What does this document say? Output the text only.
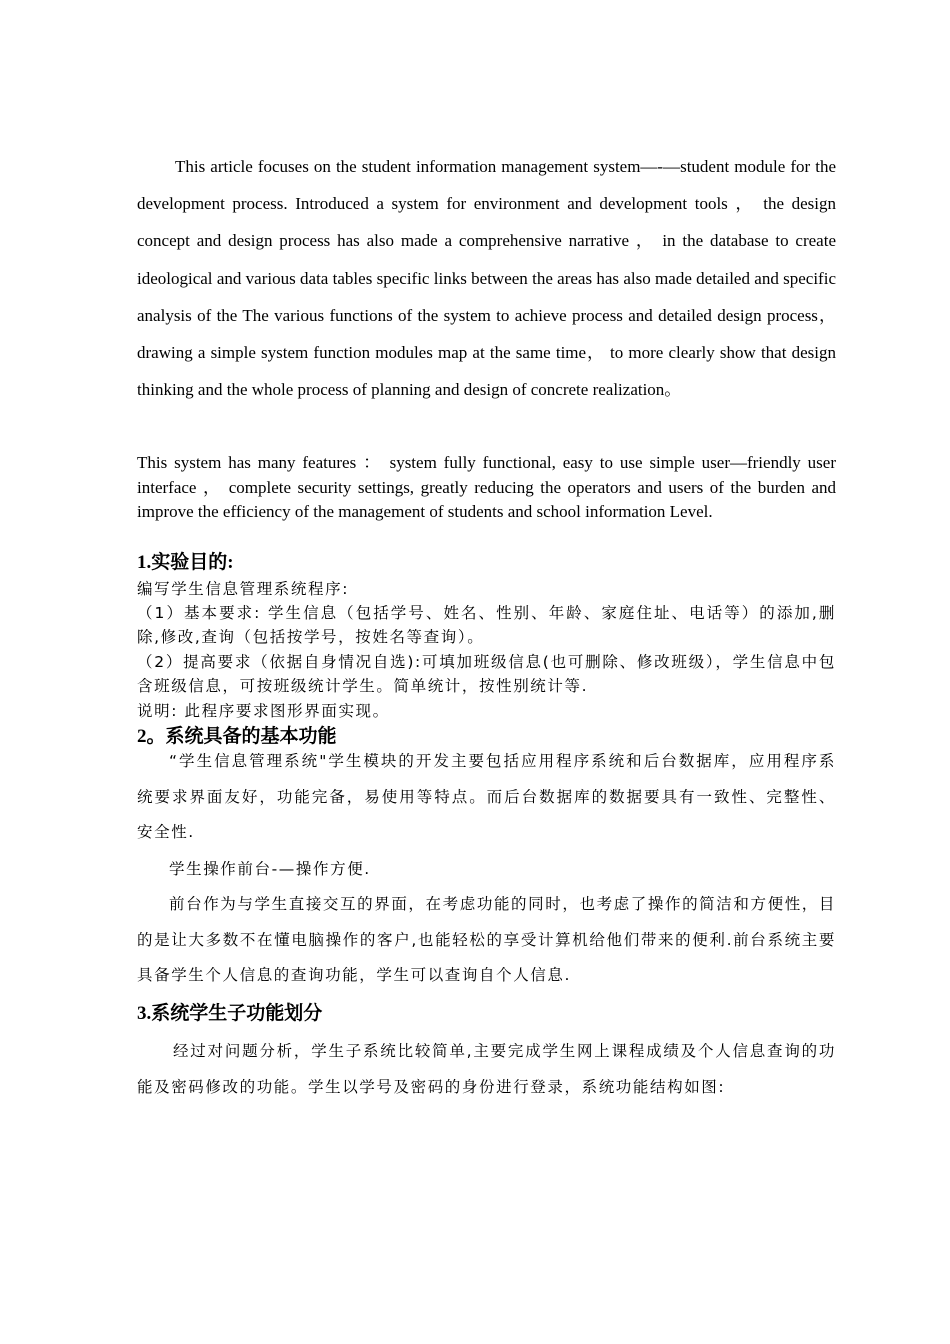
This article focuses on the student information management system—-—student module for the development process. Introduced a system for environment and development tools ， the design concept and design process has also made a comprehensive narrative ， in the database to create ideological and various data tables specific links between the areas has also made detailed and specific analysis of the The various functions of the system to achieve process and detailed design process， drawing a simple system function modules map at the same time， to more clearly show that design thinking and the whole process of planning and design of concrete realization。

This system has many features ： system fully functional, easy to use simple user—friendly user interface ， complete security settings, greatly reducing the operators and users of the burden and improve the efficiency of the management of students and school information Level.

1.实验目的:

编写学生信息管理系统程序:

（1）基本要求: 学生信息（包括学号、姓名、性别、年龄、家庭住址、电话等）的添加,删除,修改,查询（包括按学号，按姓名等查询）。

（2）提高要求（依据自身情况自选):可填加班级信息(也可删除、修改班级），学生信息中包含班级信息，可按班级统计学生。简单统计，按性别统计等.

说明: 此程序要求图形界面实现。

2。系统具备的基本功能

“学生信息管理系统"学生模块的开发主要包括应用程序系统和后台数据库，应用程序系统要求界面友好，功能完备，易使用等特点。而后台数据库的数据要具有一致性、完整性、安全性.

学生操作前台-—操作方便.

前台作为与学生直接交互的界面，在考虑功能的同时，也考虑了操作的简洁和方便性，目的是让大多数不在懂电脑操作的客户,也能轻松的享受计算机给他们带来的便利.前台系统主要具备学生个人信息的查询功能，学生可以查询自个人信息.

3.系统学生子功能划分

经过对问题分析，学生子系统比较简单,主要完成学生网上课程成绩及个人信息查询的功能及密码修改的功能。学生以学号及密码的身份进行登录，系统功能结构如图:
